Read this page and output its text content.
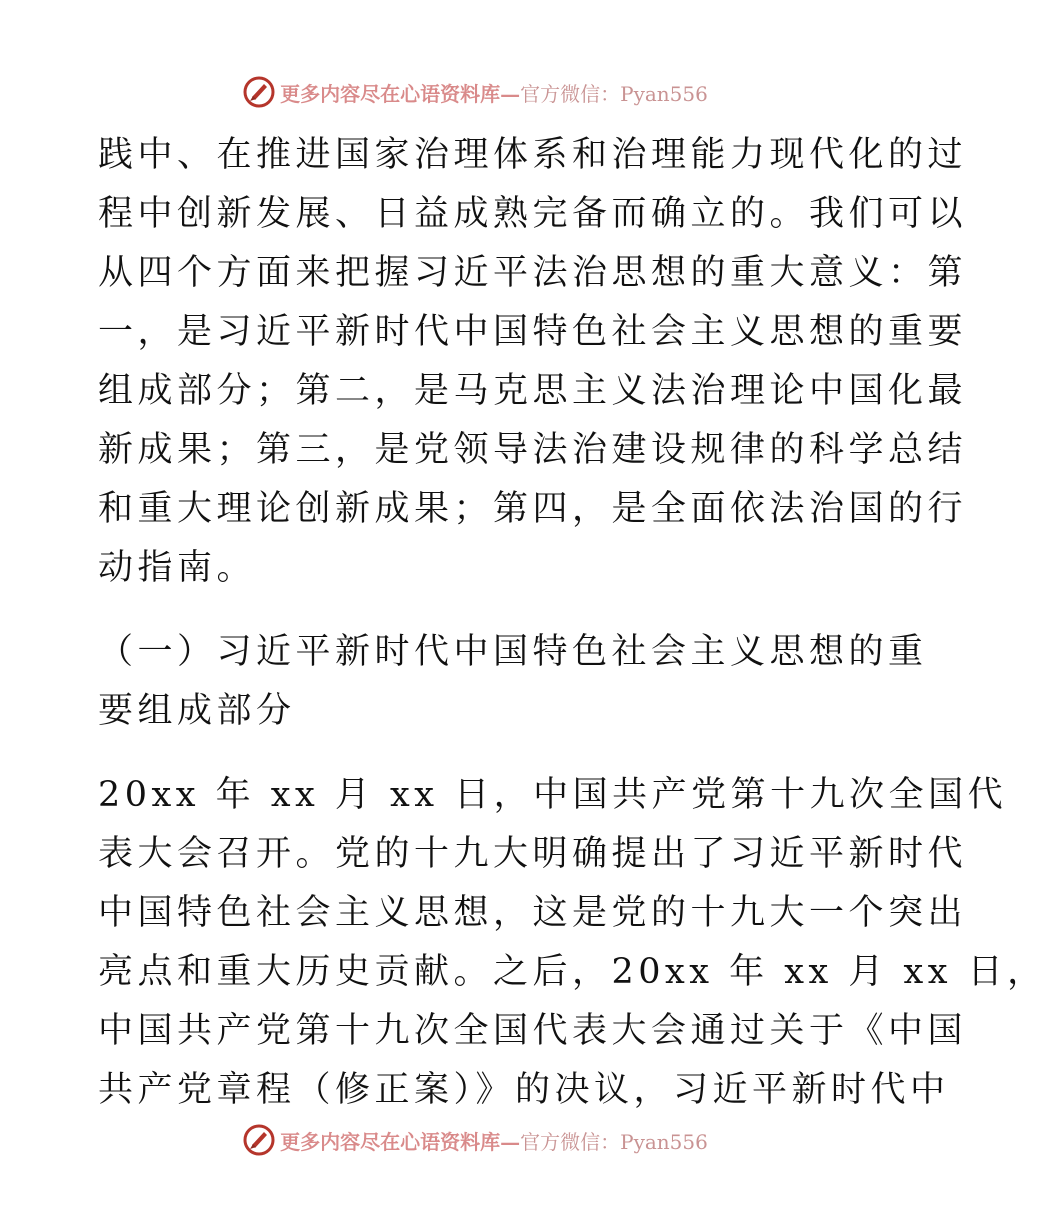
更多内容尽在心语资料库—官方微信：Pyan556
践中、在推进国家治理体系和治理能力现代化的过
程中创新发展、日益成熟完备而确立的。我们可以
从四个方面来把握习近平法治思想的重大意义：第
一，是习近平新时代中国特色社会主义思想的重要
组成部分；第二，是马克思主义法治理论中国化最
新成果；第三，是党领导法治建设规律的科学总结
和重大理论创新成果；第四，是全面依法治国的行
动指南。
（一）习近平新时代中国特色社会主义思想的重
要组成部分
20xx 年 xx 月 xx 日，中国共产党第十九次全国代
表大会召开。党的十九大明确提出了习近平新时代
中国特色社会主义思想，这是党的十九大一个突出
亮点和重大历史贡献。之后，20xx 年 xx 月 xx 日，
中国共产党第十九次全国代表大会通过关于《中国
共产党章程（修正案）》的决议，习近平新时代中
更多内容尽在心语资料库—官方微信：Pyan556
